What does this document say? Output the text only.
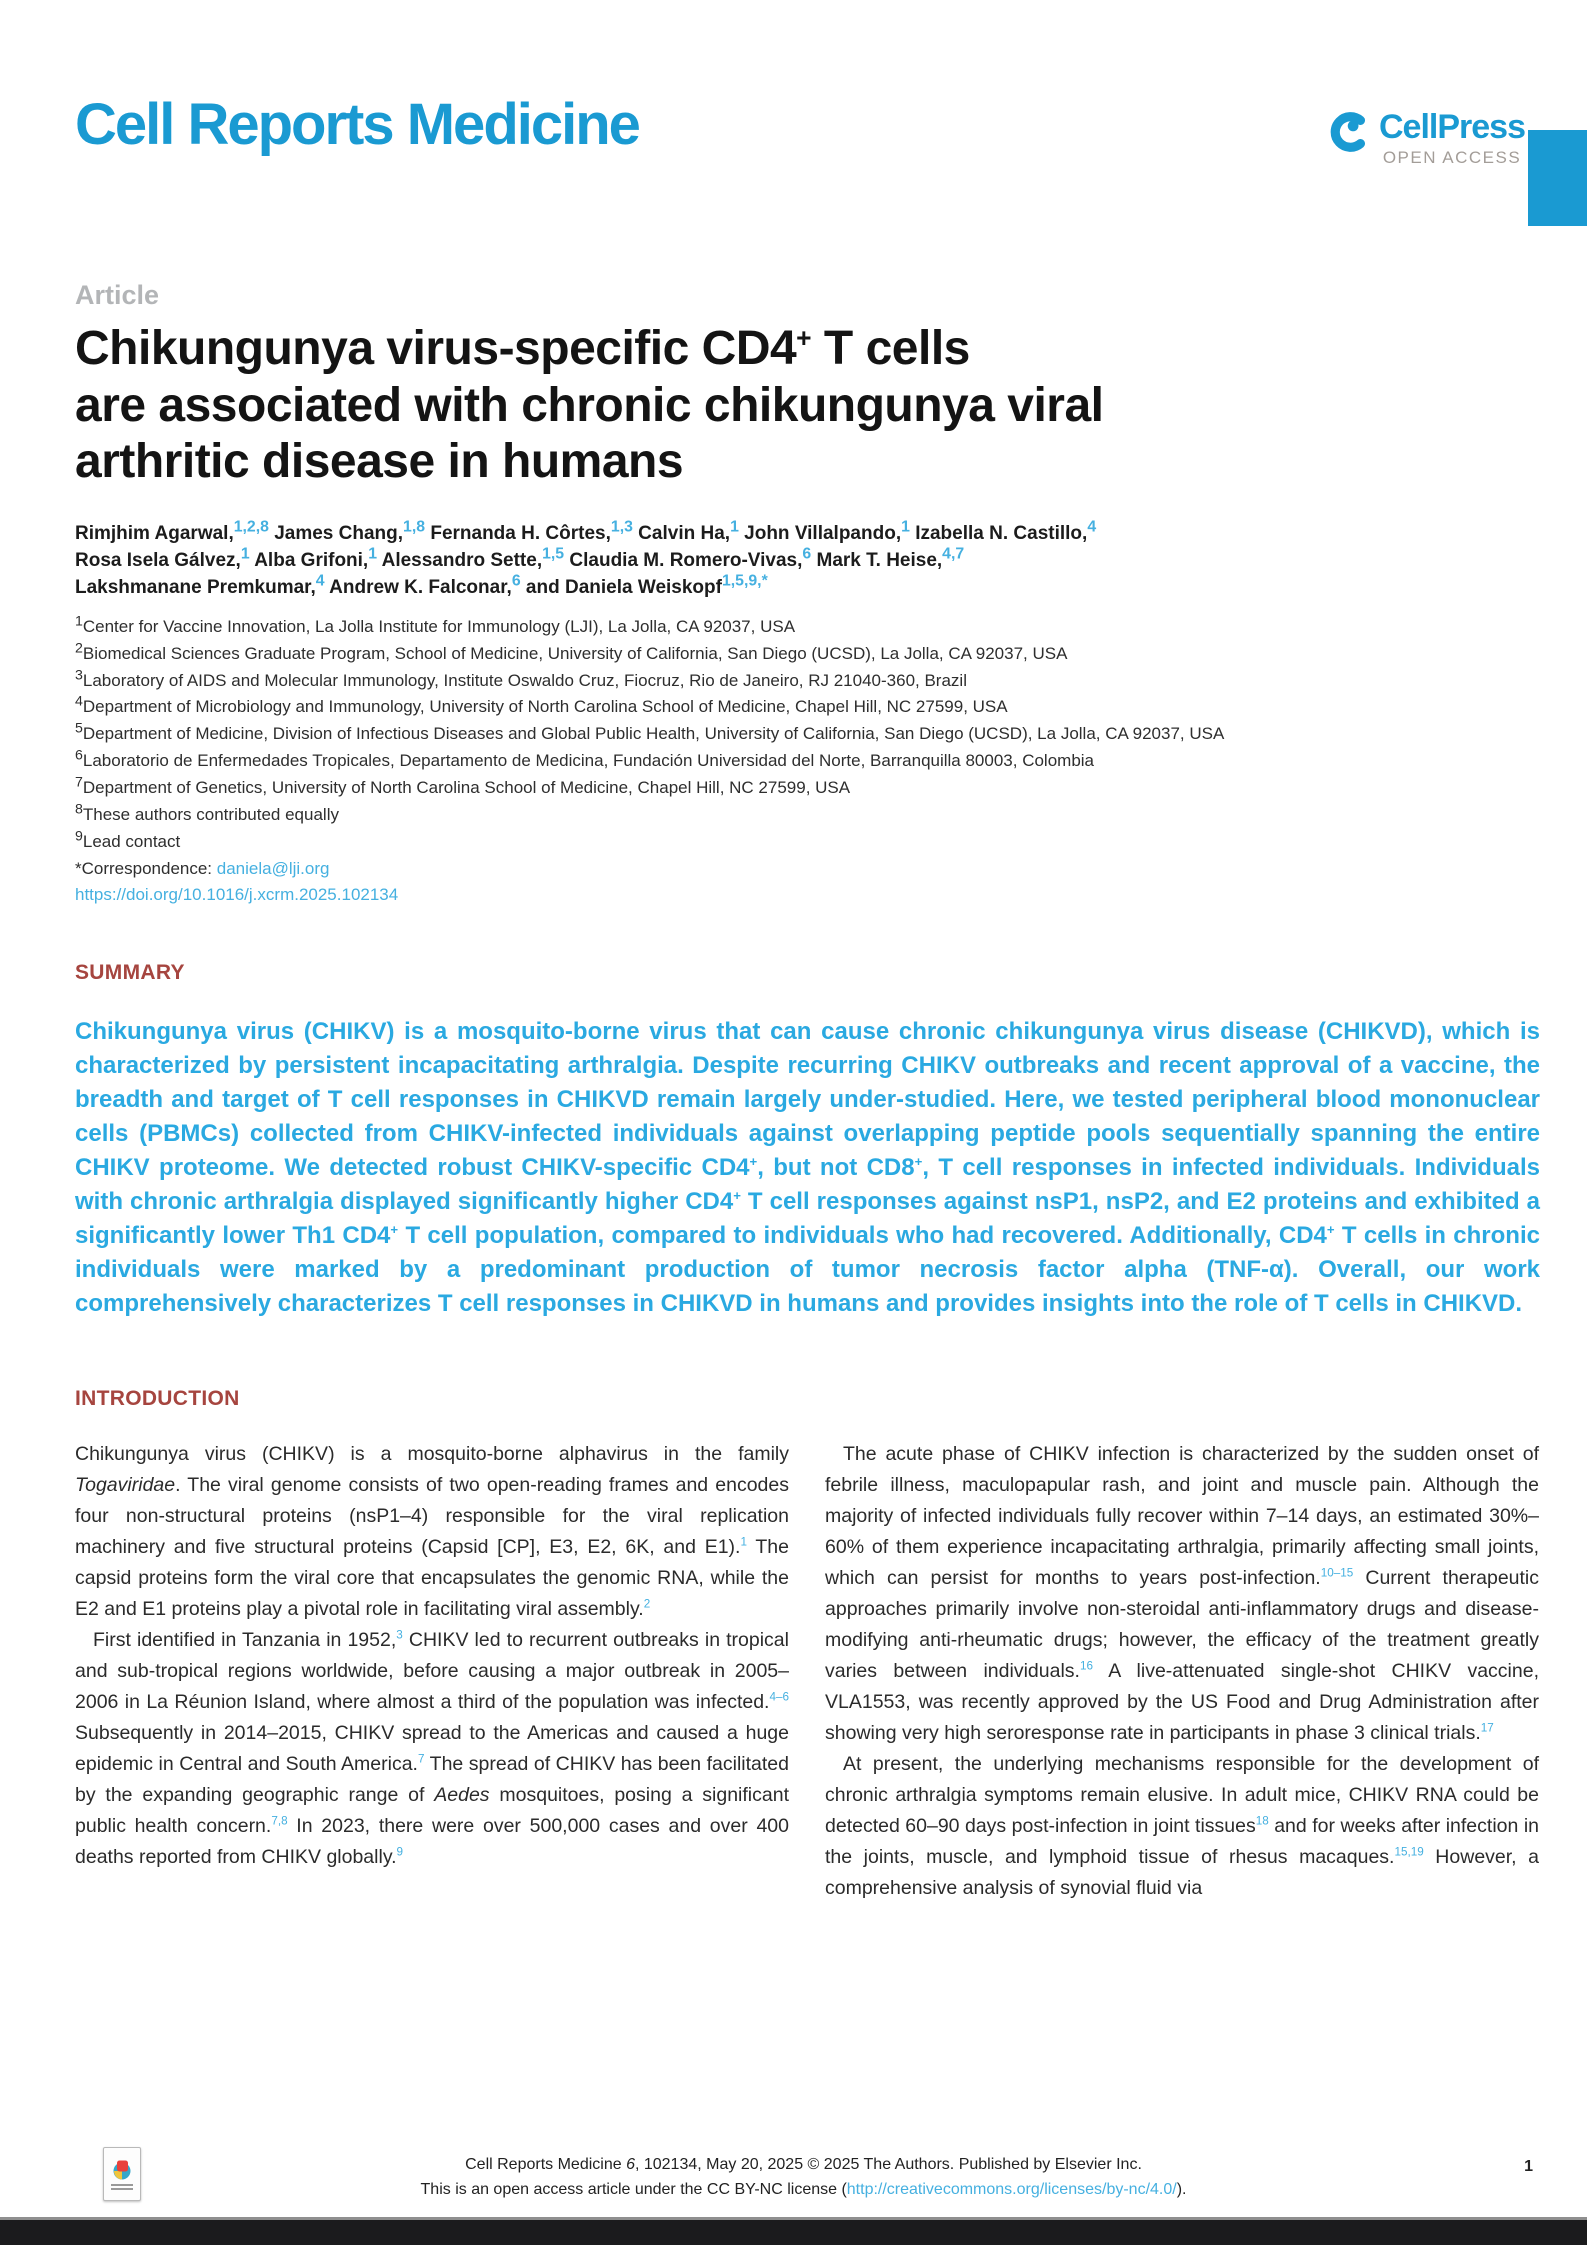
Cell Reports Medicine
Article
Chikungunya virus-specific CD4+ T cells
are associated with chronic chikungunya viral
arthritic disease in humans
Rimjhim Agarwal,$^{1,2,8}$ James Chang,$^{1,8}$ Fernanda H. Côrtes,$^{1,3}$ Calvin Ha,$^1$ John Villalpando,$^1$ Izabella N. Castillo,$^4$
Rosa Isela Gálvez,$^1$ Alba Grifoni,$^1$ Alessandro Sette,$^{1,5}$ Claudia M. Romero-Vivas,$^6$ Mark T. Heise,$^{4,7}$
Lakshmanane Premkumar,$^4$ Andrew K. Falconar,$^6$ and Daniela Weiskopf$^{1,5,9,*}$
$^1$Center for Vaccine Innovation, La Jolla Institute for Immunology (LJI), La Jolla, CA 92037, USA
$^2$Biomedical Sciences Graduate Program, School of Medicine, University of California, San Diego (UCSD), La Jolla, CA 92037, USA
$^3$Laboratory of AIDS and Molecular Immunology, Institute Oswaldo Cruz, Fiocruz, Rio de Janeiro, RJ 21040-360, Brazil
$^4$Department of Microbiology and Immunology, University of North Carolina School of Medicine, Chapel Hill, NC 27599, USA
$^5$Department of Medicine, Division of Infectious Diseases and Global Public Health, University of California, San Diego (UCSD), La Jolla, CA 92037, USA
$^6$Laboratorio de Enfermedades Tropicales, Departamento de Medicina, Fundación Universidad del Norte, Barranquilla 80003, Colombia
$^7$Department of Genetics, University of North Carolina School of Medicine, Chapel Hill, NC 27599, USA
$^8$These authors contributed equally
$^9$Lead contact
*Correspondence: daniela@lji.org
https://doi.org/10.1016/j.xcrm.2025.102134
SUMMARY

Chikungunya virus (CHIKV) is a mosquito-borne virus that can cause chronic chikungunya virus disease (CHIKVD), which is characterized by persistent incapacitating arthralgia. Despite recurring CHIKV outbreaks and recent approval of a vaccine, the breadth and target of T cell responses in CHIKVD remain largely under-studied. Here, we tested peripheral blood mononuclear cells (PBMCs) collected from CHIKV-infected individuals against overlapping peptide pools sequentially spanning the entire CHIKV proteome. We detected robust CHIKV-specific CD4+, but not CD8+, T cell responses in infected individuals. Individuals with chronic arthralgia displayed significantly higher CD4+ T cell responses against nsP1, nsP2, and E2 proteins and exhibited a significantly lower Th1 CD4+ T cell population, compared to individuals who had recovered. Additionally, CD4+ T cells in chronic individuals were marked by a predominant production of tumor necrosis factor alpha (TNF-α). Overall, our work comprehensively characterizes T cell responses in CHIKVD in humans and provides insights into the role of T cells in CHIKVD.

INTRODUCTION
Chikungunya virus (CHIKV) is a mosquito-borne alphavirus in the family Togaviridae. The viral genome consists of two open-reading frames and encodes four non-structural proteins (nsP1–4) responsible for the viral replication machinery and five structural proteins (Capsid [CP], E3, E2, 6K, and E1).$^1$ The capsid proteins form the viral core that encapsulates the genomic RNA, while the E2 and E1 proteins play a pivotal role in facilitating viral assembly.$^2$
First identified in Tanzania in 1952,$^3$ CHIKV led to recurrent outbreaks in tropical and sub-tropical regions worldwide, before causing a major outbreak in 2005–2006 in La Réunion Island, where almost a third of the population was infected.$^{4-6}$ Subsequently in 2014–2015, CHIKV spread to the Americas and caused a huge epidemic in Central and South America.$^7$ The spread of CHIKV has been facilitated by the expanding geographic range of Aedes mosquitoes, posing a significant public health concern.$^{7,8}$ In 2023, there were over 500,000 cases and over 400 deaths reported from CHIKV globally.$^9$
The acute phase of CHIKV infection is characterized by the sudden onset of febrile illness, maculopapular rash, and joint and muscle pain. Although the majority of infected individuals fully recover within 7–14 days, an estimated 30%–60% of them experience incapacitating arthralgia, primarily affecting small joints, which can persist for months to years post-infection.$^{10-15}$ Current therapeutic approaches primarily involve non-steroidal anti-inflammatory drugs and disease-modifying anti-rheumatic drugs; however, the efficacy of the treatment greatly varies between individuals.$^{16}$ A live-attenuated single-shot CHIKV vaccine, VLA1553, was recently approved by the US Food and Drug Administration after showing very high seroresponse rate in participants in phase 3 clinical trials.$^{17}$
At present, the underlying mechanisms responsible for the development of chronic arthralgia symptoms remain elusive. In adult mice, CHIKV RNA could be detected 60–90 days post-infection in joint tissues$^{18}$ and for weeks after infection in the joints, muscle, and lymphoid tissue of rhesus macaques.$^{15,19}$ However, a comprehensive analysis of synovial fluid via
CellPress
OPEN ACCESS
Cell Reports Medicine 6, 102134, May 20, 2025 © 2025 The Authors. Published by Elsevier Inc.
This is an open access article under the CC BY-NC license (http://creativecommons.org/licenses/by-nc/4.0/).
1
